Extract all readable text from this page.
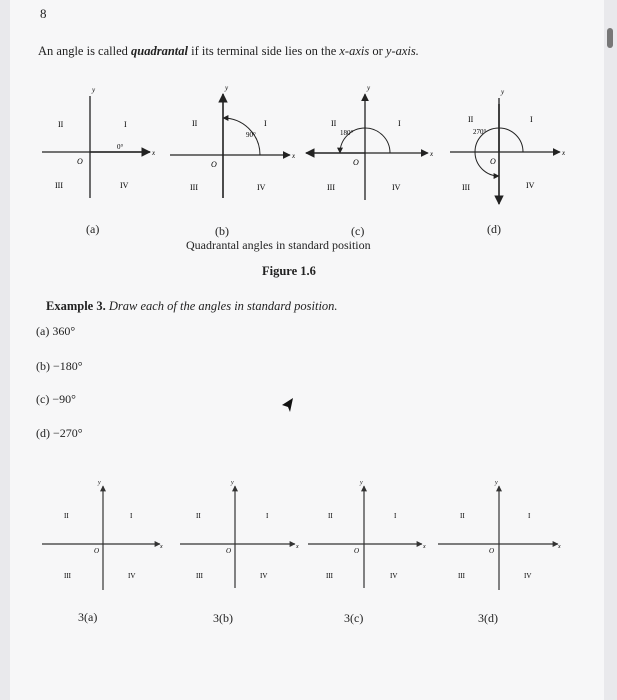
8
An angle is called quadrantal if its terminal side lies on the x-axis or y-axis.
y
x
O
0°
II	I
III	IV
y
x
O
90°
II	I
III	IV
y
x
O
180°
II	I
III	IV
y
x
O
270°
II	I
III	IV
(a)	(b)	(c)	(d)
Quadrantal angles in standard position
Figure 1.6
Example 3. Draw each of the angles in standard position.
(a) 360°
(b) −180°
(c) −90°
(d) −270°
y
x
O
II	I
III	IV
y
x
O
II	I
III	IV
y
x
O
II	I
III	IV
y
x
O
II	I
III	IV
3(a)	3(b)	3(c)	3(d)
